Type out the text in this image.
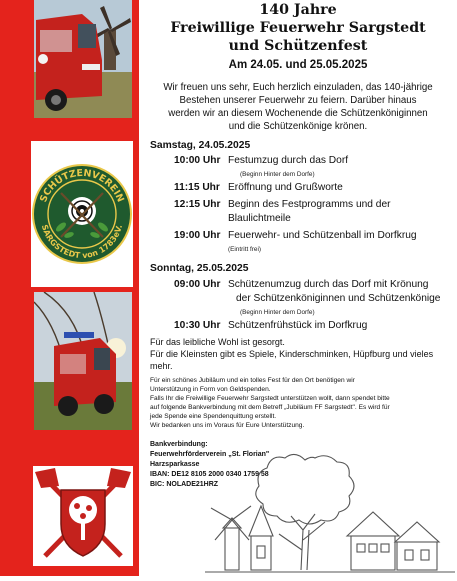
SCHÜTZENVEREIN
SARGSTEDT von 1783eV.
140 Jahre
Freiwillige Feuerwehr Sargstedt
und Schützenfest
Am 24.05. und 25.05.2025
Wir freuen uns sehr, Euch herzlich einzuladen, das 140-jährige
Bestehen unserer Feuerwehr zu feiern. Darüber hinaus
werden wir an diesem Wochenende die Schützenköniginnen
und die Schützenkönige krönen.
Samstag, 24.05.2025
10:00 Uhr Festumzug durch das Dorf
(Beginn Hinter dem Dorfe)
11:15 Uhr Eröffnung und Grußworte
12:15 Uhr Beginn des Festprogramms und der
Blaulichtmeile
19:00 Uhr Feuerwehr- und Schützenball im Dorfkrug
(Eintritt frei)
Sonntag, 25.05.2025
09:00 Uhr Schützenumzug durch das Dorf mit Krönung
der Schützenköniginnen und Schützenkönige
(Beginn Hinter dem Dorfe)
10:30 Uhr Schützenfrühstück im Dorfkrug
Für das leibliche Wohl ist gesorgt.
Für die Kleinsten gibt es Spiele, Kinderschminken, Hüpfburg und vieles
mehr.
Für ein schönes Jubiläum und ein tolles Fest für den Ort benötigen wir
Unterstützung in Form von Geldspenden.
Falls Ihr die Freiwillige Feuerwehr Sargstedt unterstützen wollt, dann spendet bitte
auf folgende Bankverbindung mit dem Betreff „Jubiläum FF Sargstedt". Es wird für
jede Spende eine Spendenquittung erstellt.
Wir bedanken uns im Voraus für Eure Unterstützung.
Bankverbindung:
Feuerwehrförderverein „St. Florian"
Harzsparkasse
IBAN: DE12 8105 2000 0340 1759 58
BIC: NOLADE21HRZ
